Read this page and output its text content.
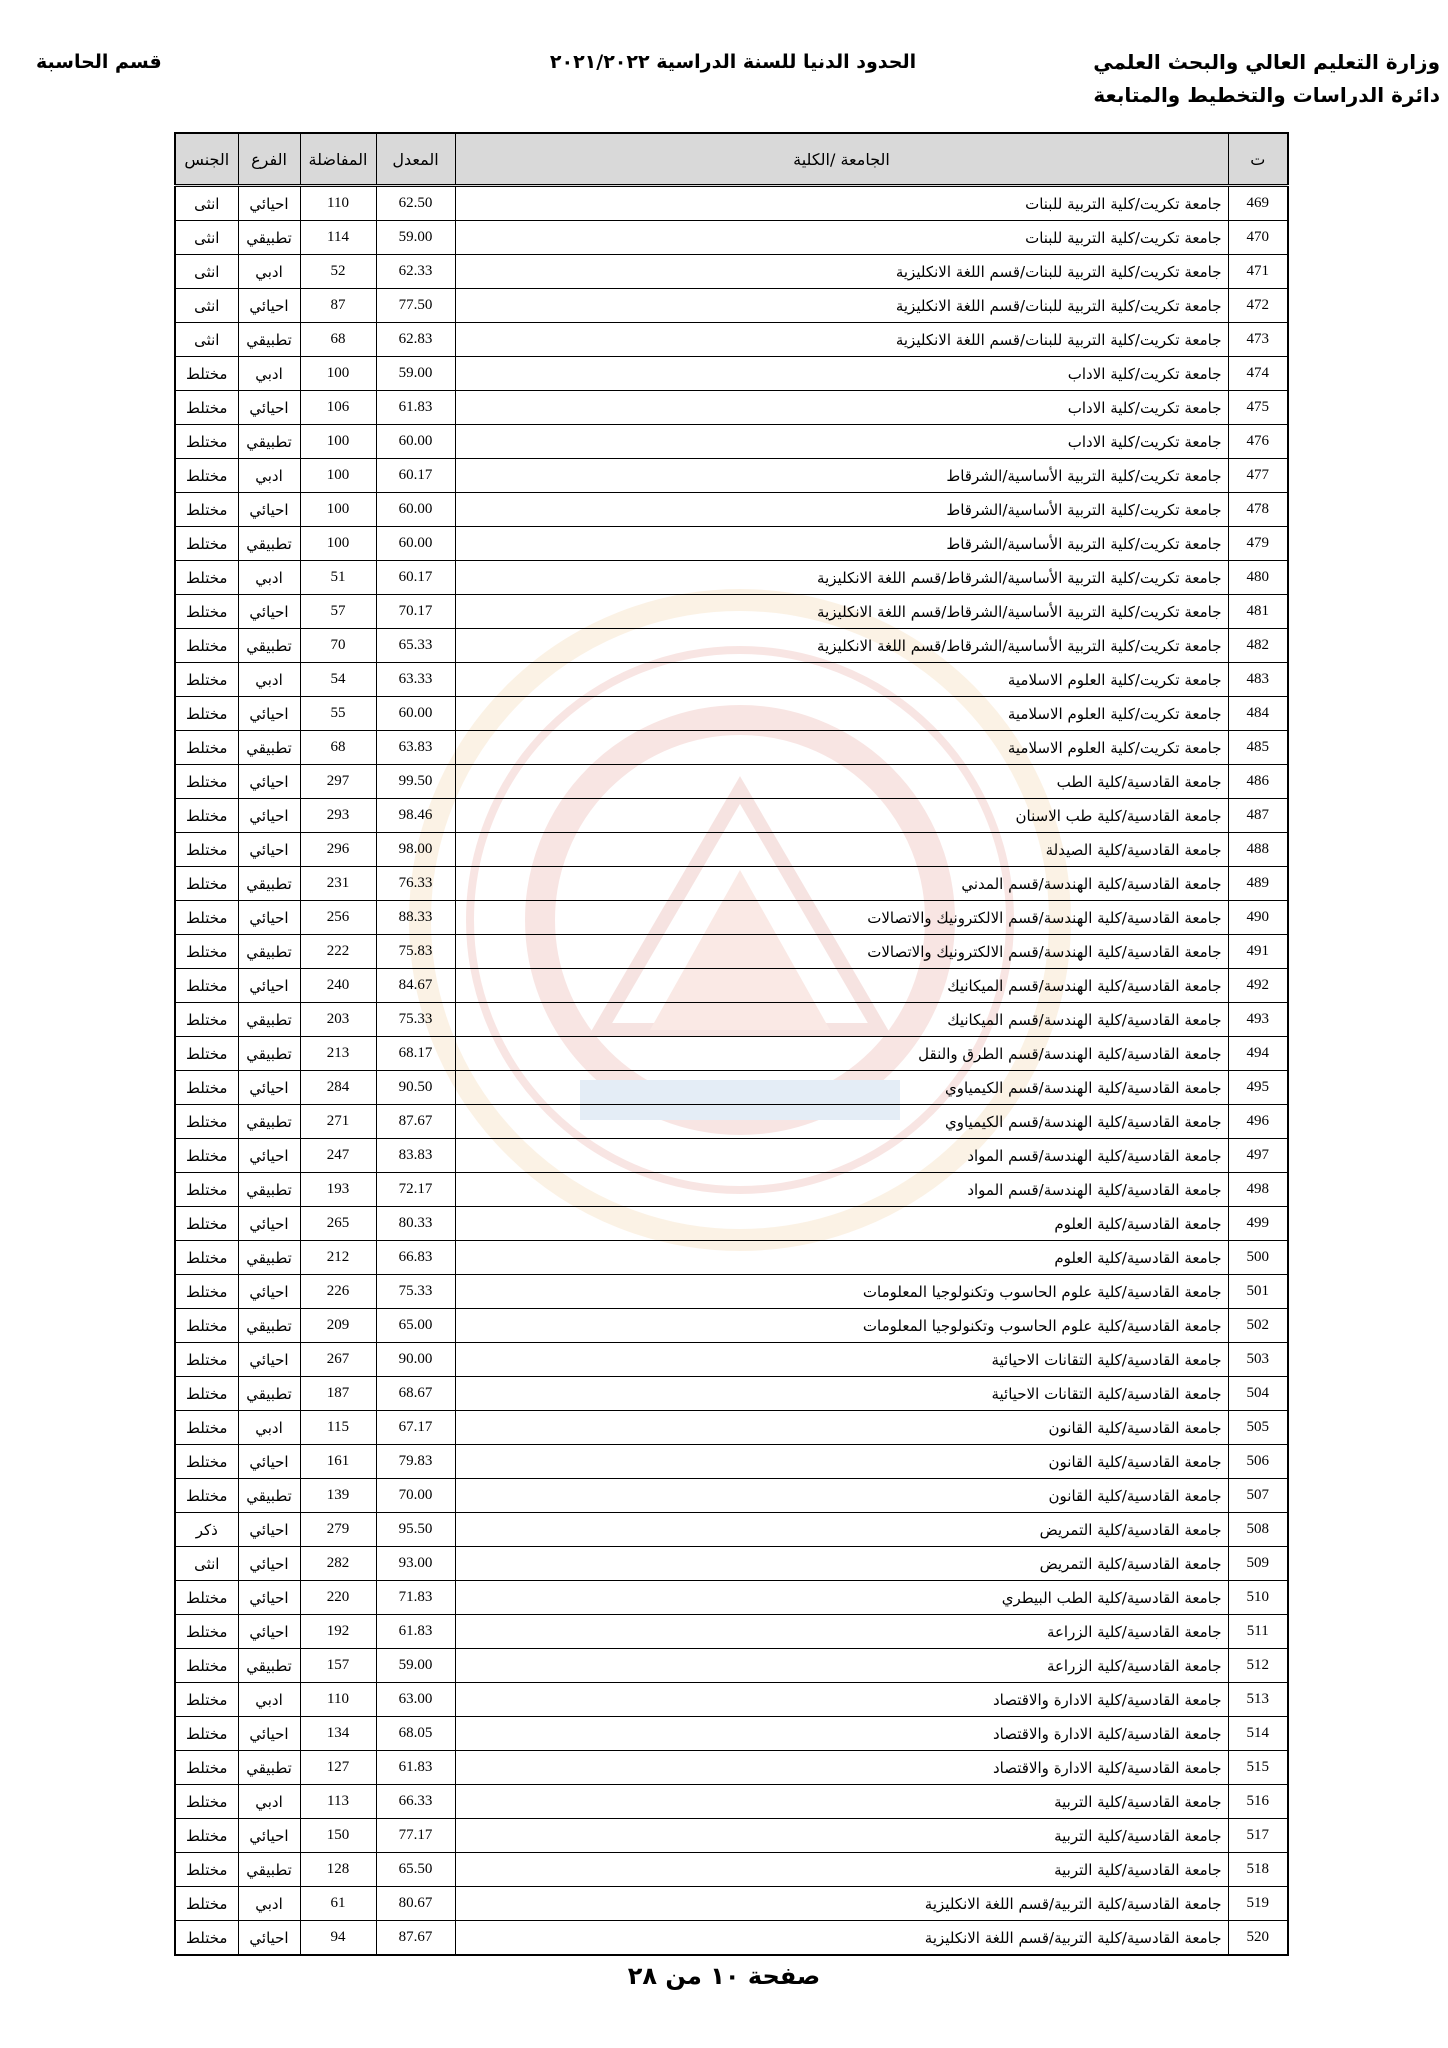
وزارة التعليم العالي والبحث العلمي
دائرة الدراسات والتخطيط والمتابعة
الحدود الدنيا للسنة الدراسية ٢٠٢١/٢٠٢٢
قسم الحاسبة
ت	الجامعة /الكلية	المعدل	المفاضلة	الفرع	الجنس
469	جامعة تكريت/كلية التربية للبنات	62.50	110	احيائي	انثى
470	جامعة تكريت/كلية التربية للبنات	59.00	114	تطبيقي	انثى
471	جامعة تكريت/كلية التربية للبنات/قسم اللغة الانكليزية	62.33	52	ادبي	انثى
472	جامعة تكريت/كلية التربية للبنات/قسم اللغة الانكليزية	77.50	87	احيائي	انثى
473	جامعة تكريت/كلية التربية للبنات/قسم اللغة الانكليزية	62.83	68	تطبيقي	انثى
474	جامعة تكريت/كلية الاداب	59.00	100	ادبي	مختلط
475	جامعة تكريت/كلية الاداب	61.83	106	احيائي	مختلط
476	جامعة تكريت/كلية الاداب	60.00	100	تطبيقي	مختلط
477	جامعة تكريت/كلية التربية الأساسية/الشرقاط	60.17	100	ادبي	مختلط
478	جامعة تكريت/كلية التربية الأساسية/الشرقاط	60.00	100	احيائي	مختلط
479	جامعة تكريت/كلية التربية الأساسية/الشرقاط	60.00	100	تطبيقي	مختلط
480	جامعة تكريت/كلية التربية الأساسية/الشرقاط/قسم اللغة الانكليزية	60.17	51	ادبي	مختلط
481	جامعة تكريت/كلية التربية الأساسية/الشرقاط/قسم اللغة الانكليزية	70.17	57	احيائي	مختلط
482	جامعة تكريت/كلية التربية الأساسية/الشرقاط/قسم اللغة الانكليزية	65.33	70	تطبيقي	مختلط
483	جامعة تكريت/كلية العلوم الاسلامية	63.33	54	ادبي	مختلط
484	جامعة تكريت/كلية العلوم الاسلامية	60.00	55	احيائي	مختلط
485	جامعة تكريت/كلية العلوم الاسلامية	63.83	68	تطبيقي	مختلط
486	جامعة القادسية/كلية الطب	99.50	297	احيائي	مختلط
487	جامعة القادسية/كلية طب الاسنان	98.46	293	احيائي	مختلط
488	جامعة القادسية/كلية الصيدلة	98.00	296	احيائي	مختلط
489	جامعة القادسية/كلية الهندسة/قسم المدني	76.33	231	تطبيقي	مختلط
490	جامعة القادسية/كلية الهندسة/قسم الالكترونيك والاتصالات	88.33	256	احيائي	مختلط
491	جامعة القادسية/كلية الهندسة/قسم الالكترونيك والاتصالات	75.83	222	تطبيقي	مختلط
492	جامعة القادسية/كلية الهندسة/قسم الميكانيك	84.67	240	احيائي	مختلط
493	جامعة القادسية/كلية الهندسة/قسم الميكانيك	75.33	203	تطبيقي	مختلط
494	جامعة القادسية/كلية الهندسة/قسم الطرق والنقل	68.17	213	تطبيقي	مختلط
495	جامعة القادسية/كلية الهندسة/قسم الكيمياوي	90.50	284	احيائي	مختلط
496	جامعة القادسية/كلية الهندسة/قسم الكيمياوي	87.67	271	تطبيقي	مختلط
497	جامعة القادسية/كلية الهندسة/قسم المواد	83.83	247	احيائي	مختلط
498	جامعة القادسية/كلية الهندسة/قسم المواد	72.17	193	تطبيقي	مختلط
499	جامعة القادسية/كلية العلوم	80.33	265	احيائي	مختلط
500	جامعة القادسية/كلية العلوم	66.83	212	تطبيقي	مختلط
501	جامعة القادسية/كلية علوم الحاسوب وتكنولوجيا المعلومات	75.33	226	احيائي	مختلط
502	جامعة القادسية/كلية علوم الحاسوب وتكنولوجيا المعلومات	65.00	209	تطبيقي	مختلط
503	جامعة القادسية/كلية التقانات الاحيائية	90.00	267	احيائي	مختلط
504	جامعة القادسية/كلية التقانات الاحيائية	68.67	187	تطبيقي	مختلط
505	جامعة القادسية/كلية القانون	67.17	115	ادبي	مختلط
506	جامعة القادسية/كلية القانون	79.83	161	احيائي	مختلط
507	جامعة القادسية/كلية القانون	70.00	139	تطبيقي	مختلط
508	جامعة القادسية/كلية التمريض	95.50	279	احيائي	ذكر
509	جامعة القادسية/كلية التمريض	93.00	282	احيائي	انثى
510	جامعة القادسية/كلية الطب البيطري	71.83	220	احيائي	مختلط
511	جامعة القادسية/كلية الزراعة	61.83	192	احيائي	مختلط
512	جامعة القادسية/كلية الزراعة	59.00	157	تطبيقي	مختلط
513	جامعة القادسية/كلية الادارة والاقتصاد	63.00	110	ادبي	مختلط
514	جامعة القادسية/كلية الادارة والاقتصاد	68.05	134	احيائي	مختلط
515	جامعة القادسية/كلية الادارة والاقتصاد	61.83	127	تطبيقي	مختلط
516	جامعة القادسية/كلية التربية	66.33	113	ادبي	مختلط
517	جامعة القادسية/كلية التربية	77.17	150	احيائي	مختلط
518	جامعة القادسية/كلية التربية	65.50	128	تطبيقي	مختلط
519	جامعة القادسية/كلية التربية/قسم اللغة الانكليزية	80.67	61	ادبي	مختلط
520	جامعة القادسية/كلية التربية/قسم اللغة الانكليزية	87.67	94	احيائي	مختلط
صفحة ١٠ من ٢٨
